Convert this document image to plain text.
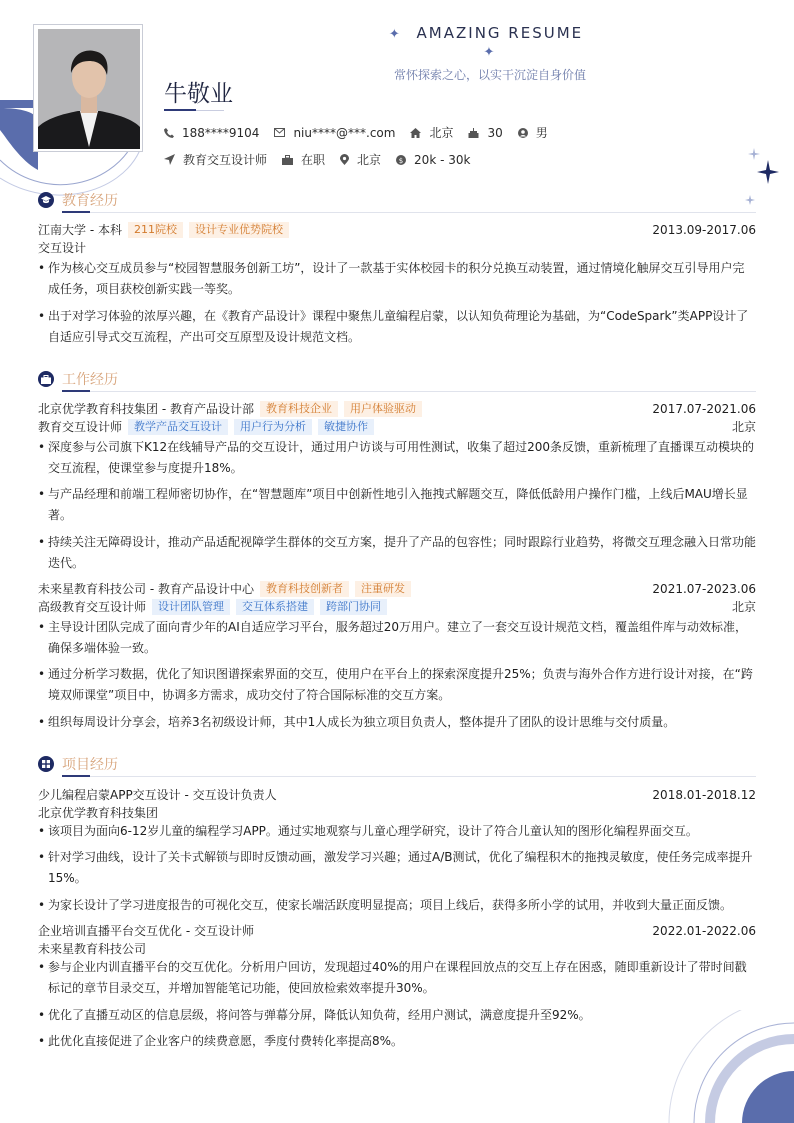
✦ AMAZING RESUME ✦
常怀探索之心，以实干沉淀自身价值
牛敬业
188****9104	niu****@***.com	北京	30	男
教育交互设计师	在职	北京	$ 20k - 30k
教育经历
江南大学 - 本科	211院校	设计专业优势院校	2013.09-2017.06
交互设计
• 作为核心交互成员参与“校园智慧服务创新工坊”，设计了一款基于实体校园卡的积分兑换互动装置，通过情境化触屏交互引导用户完成任务，项目获校创新实践一等奖。
• 出于对学习体验的浓厚兴趣，在《教育产品设计》课程中聚焦儿童编程启蒙，以认知负荷理论为基础，为“CodeSpark”类APP设计了自适应引导式交互流程，产出可交互原型及设计规范文档。
工作经历
北京优学教育科技集团 - 教育产品设计部	教育科技企业	用户体验驱动	2017.07-2021.06
教育交互设计师	教学产品交互设计	用户行为分析	敏捷协作	北京
• 深度参与公司旗下K12在线辅导产品的交互设计，通过用户访谈与可用性测试，收集了超过200条反馈，重新梳理了直播课互动模块的交互流程，使课堂参与度提升18%。
• 与产品经理和前端工程师密切协作，在“智慧题库”项目中创新性地引入拖拽式解题交互，降低低龄用户操作门槛，上线后MAU增长显著。
• 持续关注无障碍设计，推动产品适配视障学生群体的交互方案，提升了产品的包容性；同时跟踪行业趋势，将微交互理念融入日常功能迭代。
未来星教育科技公司 - 教育产品设计中心	教育科技创新者	注重研发	2021.07-2023.06
高级教育交互设计师	设计团队管理	交互体系搭建	跨部门协同	北京
• 主导设计团队完成了面向青少年的AI自适应学习平台，服务超过20万用户。建立了一套交互设计规范文档，覆盖组件库与动效标准，确保多端体验一致。
• 通过分析学习数据，优化了知识图谱探索界面的交互，使用户在平台上的探索深度提升25%；负责与海外合作方进行设计对接，在“跨境双师课堂”项目中，协调多方需求，成功交付了符合国际标准的交互方案。
• 组织每周设计分享会，培养3名初级设计师，其中1人成长为独立项目负责人，整体提升了团队的设计思维与交付质量。
项目经历
少儿编程启蒙APP交互设计 - 交互设计负责人	2018.01-2018.12
北京优学教育科技集团
• 该项目为面向6-12岁儿童的编程学习APP。通过实地观察与儿童心理学研究，设计了符合儿童认知的图形化编程界面交互。
• 针对学习曲线，设计了关卡式解锁与即时反馈动画，激发学习兴趣；通过A/B测试，优化了编程积木的拖拽灵敏度，使任务完成率提升15%。
• 为家长设计了学习进度报告的可视化交互，使家长端活跃度明显提高；项目上线后，获得多所小学的试用，并收到大量正面反馈。
企业培训直播平台交互优化 - 交互设计师	2022.01-2022.06
未来星教育科技公司
• 参与企业内训直播平台的交互优化。分析用户回访，发现超过40%的用户在课程回放点的交互上存在困惑，随即重新设计了带时间戳标记的章节目录交互，并增加智能笔记功能，使回放检索效率提升30%。
• 优化了直播互动区的信息层级，将问答与弹幕分屏，降低认知负荷，经用户测试，满意度提升至92%。
• 此优化直接促进了企业客户的续费意愿，季度付费转化率提高8%。
